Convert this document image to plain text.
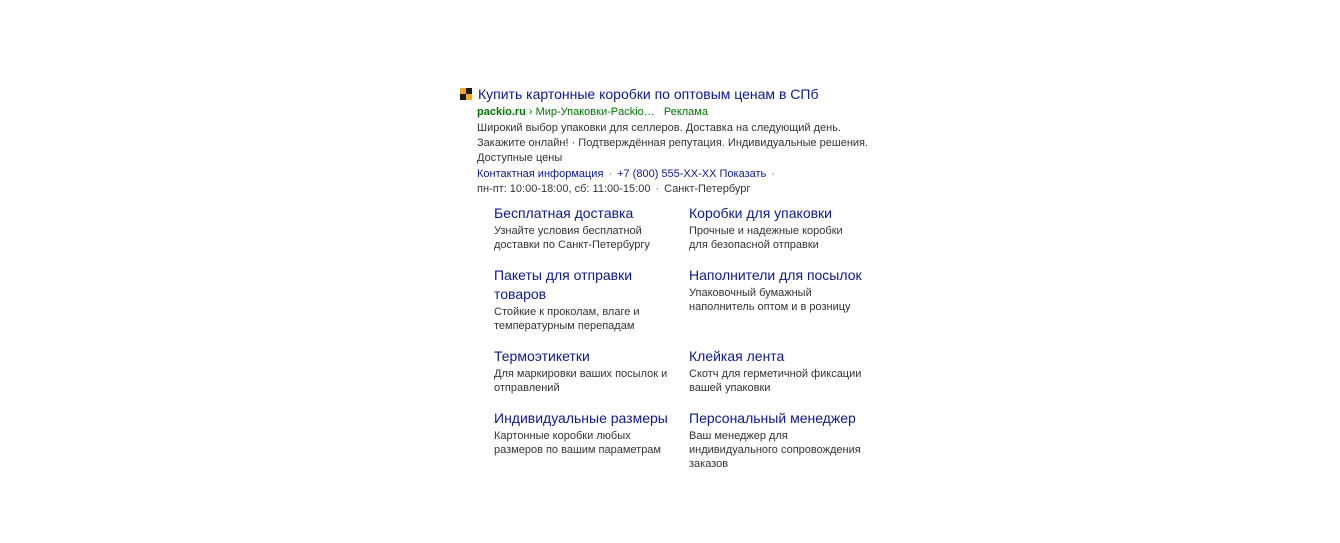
Купить картонные коробки по оптовым ценам в СПб
packio.ru › Мир-Упаковки-Packio… Реклама
Широкий выбор упаковки для селлеров. Доставка на следующий день. Закажите онлайн! · Подтверждённая репутация. Индивидуальные решения. Доступные цены
Контактная информация · +7 (800) 555-XX-XX Показать ·
пн-пт: 10:00-18:00, сб: 11:00-15:00 · Санкт-Петербург
Бесплатная доставка
Узнайте условия бесплатной доставки по Санкт-Петербургу
Коробки для упаковки
Прочные и надежные коробки для безопасной отправки
Пакеты для отправки товаров
Стойкие к проколам, влаге и температурным перепадам
Наполнители для посылок
Упаковочный бумажный наполнитель оптом и в розницу
Термоэтикетки
Для маркировки ваших посылок и отправлений
Клейкая лента
Скотч для герметичной фиксации вашей упаковки
Индивидуальные размеры
Картонные коробки любых размеров по вашим параметрам
Персональный менеджер
Ваш менеджер для индивидуального сопровождения заказов
